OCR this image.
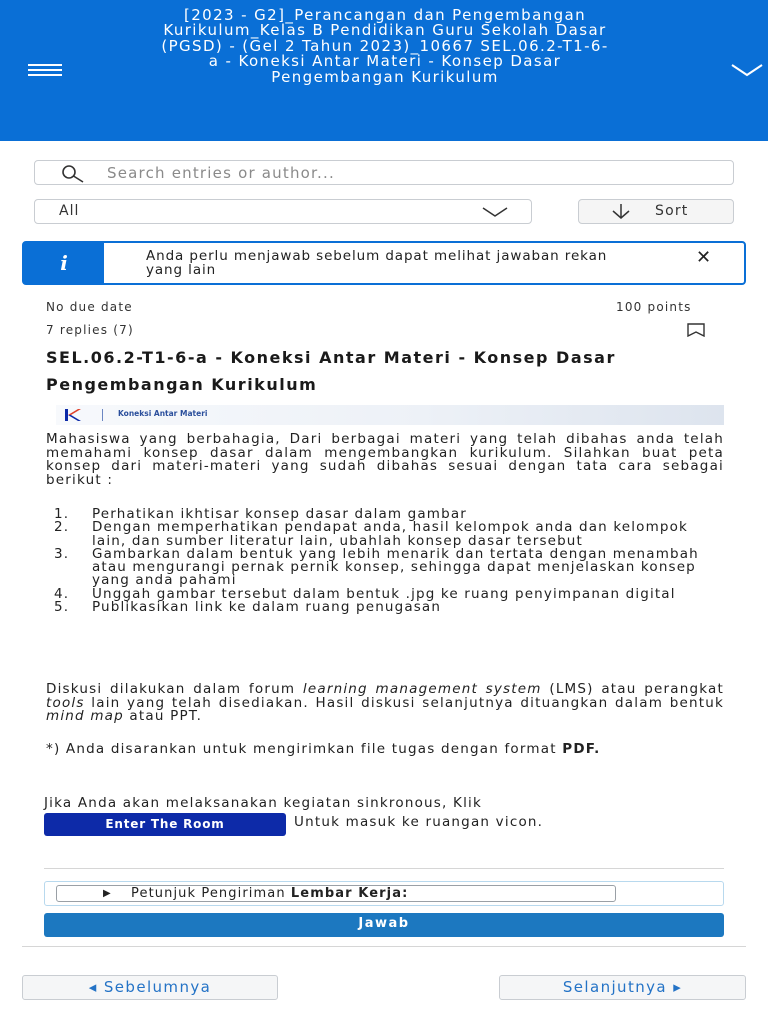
[2023 - G2]_Perancangan dan Pengembangan Kurikulum_Kelas B Pendidikan Guru Sekolah Dasar (PGSD) - (Gel 2 Tahun 2023)_10667 SEL.06.2-T1-6-a - Koneksi Antar Materi - Konsep Dasar Pengembangan Kurikulum
Search entries or author...
All	Sort
i	Anda perlu menjawab sebelum dapat melihat jawaban rekan yang lain
✕
No due date	100 points
7 replies (7)
SEL.06.2-T1-6-a - Koneksi Antar Materi - Konsep Dasar Pengembangan Kurikulum
Koneksi Antar Materi
Mahasiswa yang berbahagia, Dari berbagai materi yang telah dibahas anda telah memahami konsep dasar dalam mengembangkan kurikulum. Silahkan buat peta konsep dari materi-materi yang sudah dibahas sesuai dengan tata cara sebagai berikut :
1. Perhatikan ikhtisar konsep dasar dalam gambar
2. Dengan memperhatikan pendapat anda, hasil kelompok anda dan kelompok lain, dan sumber literatur lain, ubahlah konsep dasar tersebut
3. Gambarkan dalam bentuk yang lebih menarik dan tertata dengan menambah atau mengurangi pernak pernik konsep, sehingga dapat menjelaskan konsep yang anda pahami
4. Unggah gambar tersebut dalam bentuk .jpg ke ruang penyimpanan digital
5. Publikasikan link ke dalam ruang penugasan
Diskusi dilakukan dalam forum learning management system (LMS) atau perangkat tools lain yang telah disediakan. Hasil diskusi selanjutnya dituangkan dalam bentuk mind map atau PPT.
*) Anda disarankan untuk mengirimkan file tugas dengan format PDF.
Jika Anda akan melaksanakan kegiatan sinkronous, Klik
Enter The Room	Untuk masuk ke ruangan vicon.
▶ Petunjuk Pengiriman Lembar Kerja:
Jawab
◂ Sebelumnya	Selanjutnya ▸
